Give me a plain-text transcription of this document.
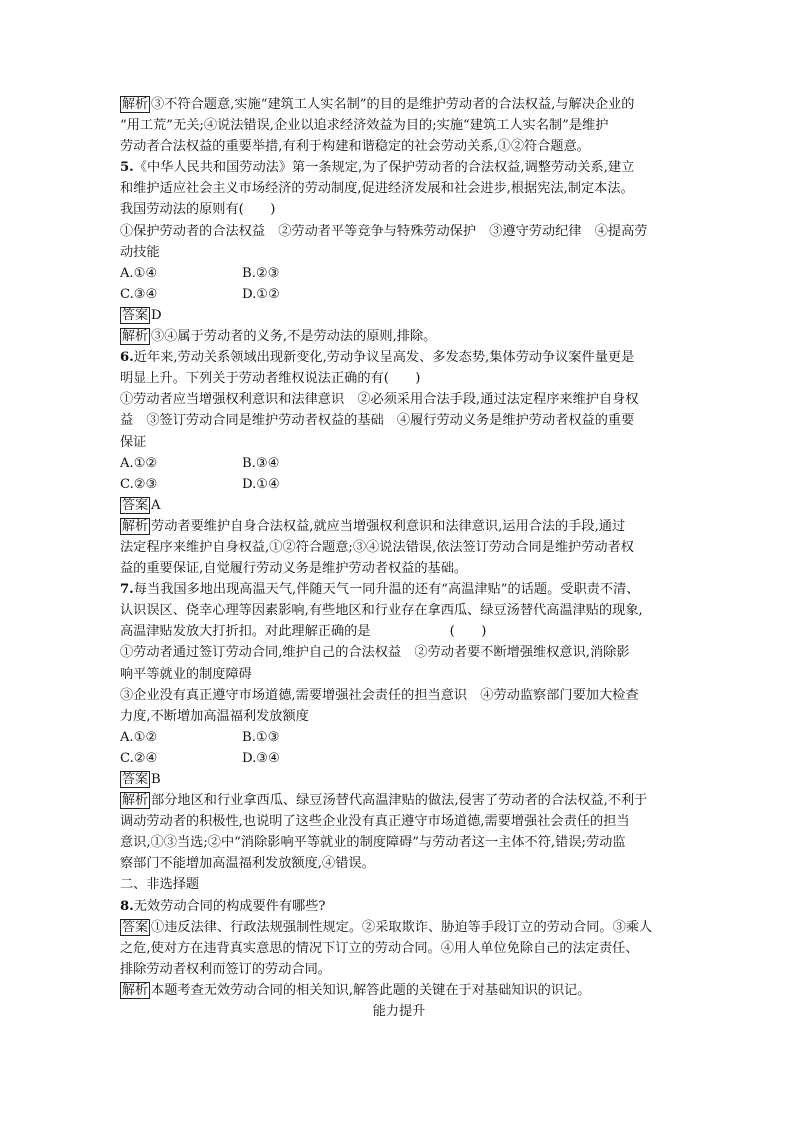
解析 ③不符合题意,实施“建筑工人实名制”的目的是维护劳动者的合法权益,与解决企业的
“用工荒”无关;④说法错误,企业以追求经济效益为目的;实施“建筑工人实名制”是维护
劳动者合法权益的重要举措,有利于构建和谐稳定的社会劳动关系,①②符合题意。
5.《中华人民共和国劳动法》第一条规定,为了保护劳动者的合法权益,调整劳动关系,建立
和维护适应社会主义市场经济的劳动制度,促进经济发展和社会进步,根据宪法,制定本法。
我国劳动法的原则有(　　)
①保护劳动者的合法权益　②劳动者平等竞争与特殊劳动保护　③遵守劳动纪律　④提高劳
动技能
A.①④	B.②③
C.③④	D.①②
答案 D
解析 ③④属于劳动者的义务,不是劳动法的原则,排除。
6.近年来,劳动关系领域出现新变化,劳动争议呈高发、多发态势,集体劳动争议案件量更是
明显上升。下列关于劳动者维权说法正确的有(　　)
①劳动者应当增强权利意识和法律意识　②必须采用合法手段,通过法定程序来维护自身权
益　③签订劳动合同是维护劳动者权益的基础　④履行劳动义务是维护劳动者权益的重要
保证
A.①②	B.③④
C.②③	D.①④
答案 A
解析 劳动者要维护自身合法权益,就应当增强权利意识和法律意识,运用合法的手段,通过
法定程序来维护自身权益,①②符合题意;③④说法错误,依法签订劳动合同是维护劳动者权
益的重要保证,自觉履行劳动义务是维护劳动者权益的基础。
7.每当我国多地出现高温天气,伴随天气一同升温的还有“高温津贴”的话题。受职责不清、
认识误区、侥幸心理等因素影响,有些地区和行业存在拿西瓜、绿豆汤替代高温津贴的现象,
高温津贴发放大打折扣。对此理解正确的是　　　　　　(　　)
①劳动者通过签订劳动合同,维护自己的合法权益　②劳动者要不断增强维权意识,消除影
响平等就业的制度障碍
③企业没有真正遵守市场道德,需要增强社会责任的担当意识　④劳动监察部门要加大检查
力度,不断增加高温福利发放额度
A.①②	B.①③
C.②④	D.③④
答案 B
解析 部分地区和行业拿西瓜、绿豆汤替代高温津贴的做法,侵害了劳动者的合法权益,不利于
调动劳动者的积极性,也说明了这些企业没有真正遵守市场道德,需要增强社会责任的担当
意识,①③当选;②中“消除影响平等就业的制度障碍”与劳动者这一主体不符,错误;劳动监
察部门不能增加高温福利发放额度,④错误。
二、非选择题
8.无效劳动合同的构成要件有哪些?
答案 ①违反法律、行政法规强制性规定。②采取欺诈、胁迫等手段订立的劳动合同。③乘人
之危,使对方在违背真实意思的情况下订立的劳动合同。④用人单位免除自己的法定责任、
排除劳动者权利而签订的劳动合同。
解析 本题考查无效劳动合同的相关知识,解答此题的关键在于对基础知识的识记。
能力提升
